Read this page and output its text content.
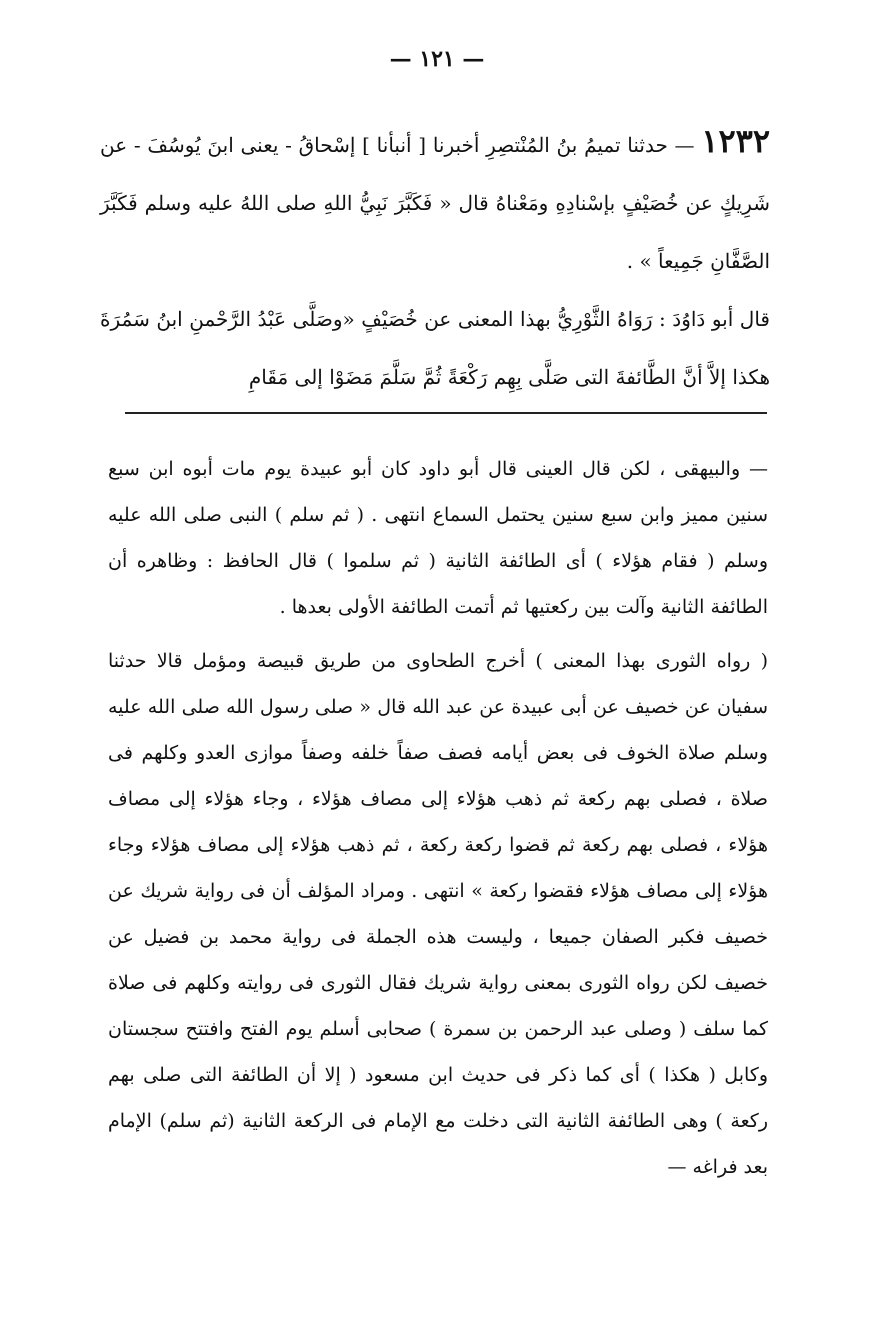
— ١٢١ —

١٢٣٢ — حدثنا تميمُ بنُ المُنْتصِرِ أخبرنا [ أنبأنا ] إسْحاقُ - يعنى ابنَ يُوسُفَ - عن شَرِيكٍ عن خُصَيْفٍ بإسْنادِهِ ومَعْناهُ قال « فَكَبَّرَ نَبِيُّ اللهِ صلى اللهُ عليه وسلم فَكَبَّرَ الصَّفَّانِ جَمِيعاً » .

قال أبو دَاوُدَ : رَوَاهُ الثَّوْرِيُّ بهذا المعنى عن خُصَيْفٍ «وصَلَّى عَبْدُ الرَّحْمنِ ابنُ سَمُرَةَ هكذا إلاَّ أنَّ الطَّائفةَ التى صَلَّى بِهِم رَكْعَةً ثُمَّ سَلَّمَ مَضَوْا إلى مَقَامِ

— والبيهقى ، لكن قال العينى قال أبو داود كان أبو عبيدة يوم مات أبوه ابن سبع سنين مميز وابن سبع سنين يحتمل السماع انتهى . ( ثم سلم ) النبى صلى الله عليه وسلم ( فقام هؤلاء ) أى الطائفة الثانية ( ثم سلموا ) قال الحافظ : وظاهره أن الطائفة الثانية وآلت بين ركعتيها ثم أتمت الطائفة الأولى بعدها .

( رواه الثورى بهذا المعنى ) أخرج الطحاوى من طريق قبيصة ومؤمل قالا حدثنا سفيان عن خصيف عن أبى عبيدة عن عبد الله قال « صلى رسول الله صلى الله عليه وسلم صلاة الخوف فى بعض أيامه فصف صفاً خلفه وصفاً موازى العدو وكلهم فى صلاة ، فصلى بهم ركعة ثم ذهب هؤلاء إلى مصاف هؤلاء ، وجاء هؤلاء إلى مصاف هؤلاء ، فصلى بهم ركعة ثم قضوا ركعة ركعة ، ثم ذهب هؤلاء إلى مصاف هؤلاء وجاء هؤلاء إلى مصاف هؤلاء فقضوا ركعة » انتهى . ومراد المؤلف أن فى رواية شريك عن خصيف فكبر الصفان جميعا ، وليست هذه الجملة فى رواية محمد بن فضيل عن خصيف لكن رواه الثورى بمعنى رواية شريك فقال الثورى فى روايته وكلهم فى صلاة كما سلف ( وصلى عبد الرحمن بن سمرة ) صحابى أسلم يوم الفتح وافتتح سجستان وكابل ( هكذا ) أى كما ذكر فى حديث ابن مسعود ( إلا أن الطائفة التى صلى بهم ركعة ) وهى الطائفة الثانية التى دخلت مع الإمام فى الركعة الثانية (ثم سلم) الإمام بعد فراغه —
